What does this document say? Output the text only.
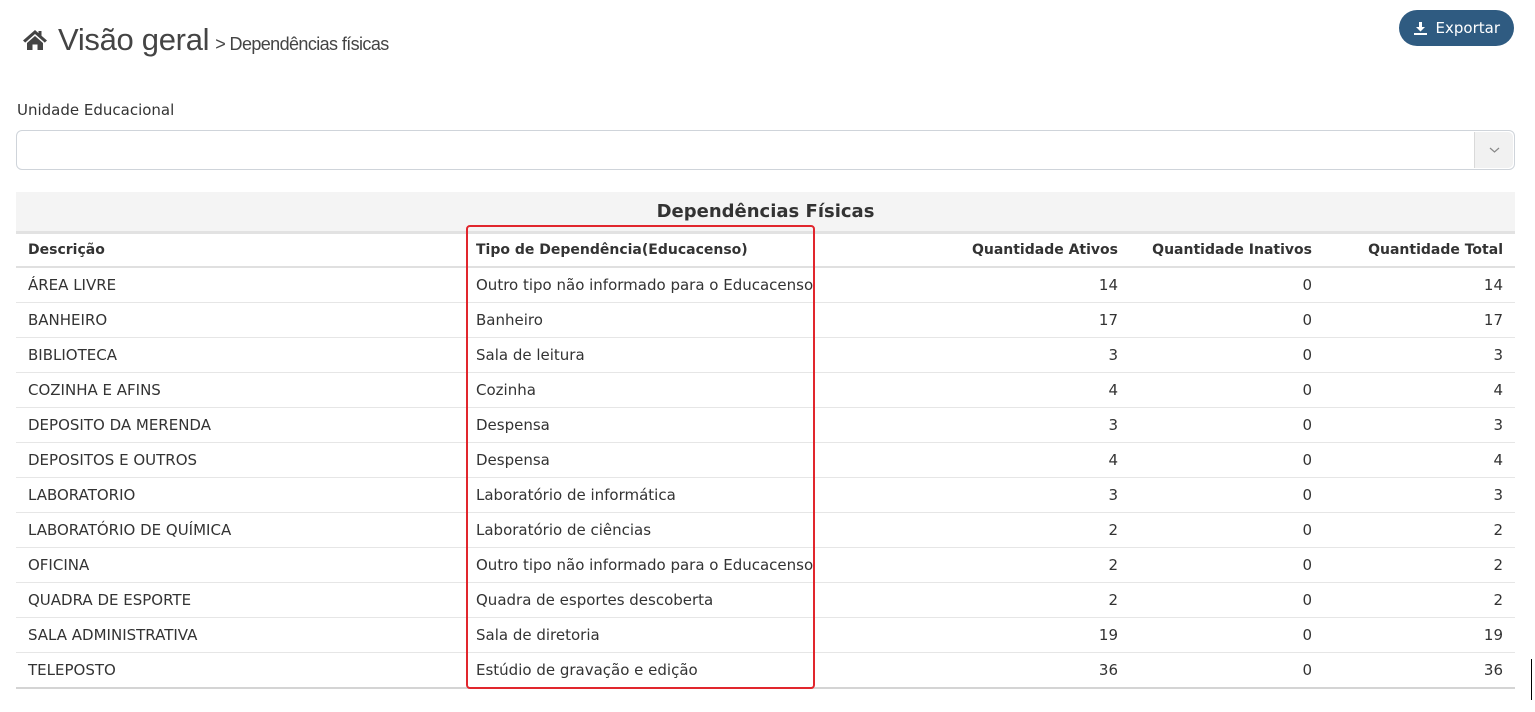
Visão geral > Dependências físicas
Exportar
Unidade Educacional
Dependências Físicas				
Descrição	Tipo de Dependência(Educacenso)	Quantidade Ativos	Quantidade Inativos	Quantidade Total
ÁREA LIVRE	Outro tipo não informado para o Educacenso	14	0	14
BANHEIRO	Banheiro	17	0	17
BIBLIOTECA	Sala de leitura	3	0	3
COZINHA E AFINS	Cozinha	4	0	4
DEPOSITO DA MERENDA	Despensa	3	0	3
DEPOSITOS E OUTROS	Despensa	4	0	4
LABORATORIO	Laboratório de informática	3	0	3
LABORATÓRIO DE QUÍMICA	Laboratório de ciências	2	0	2
OFICINA	Outro tipo não informado para o Educacenso	2	0	2
QUADRA DE ESPORTE	Quadra de esportes descoberta	2	0	2
SALA ADMINISTRATIVA	Sala de diretoria	19	0	19
TELEPOSTO	Estúdio de gravação e edição	36	0	36
